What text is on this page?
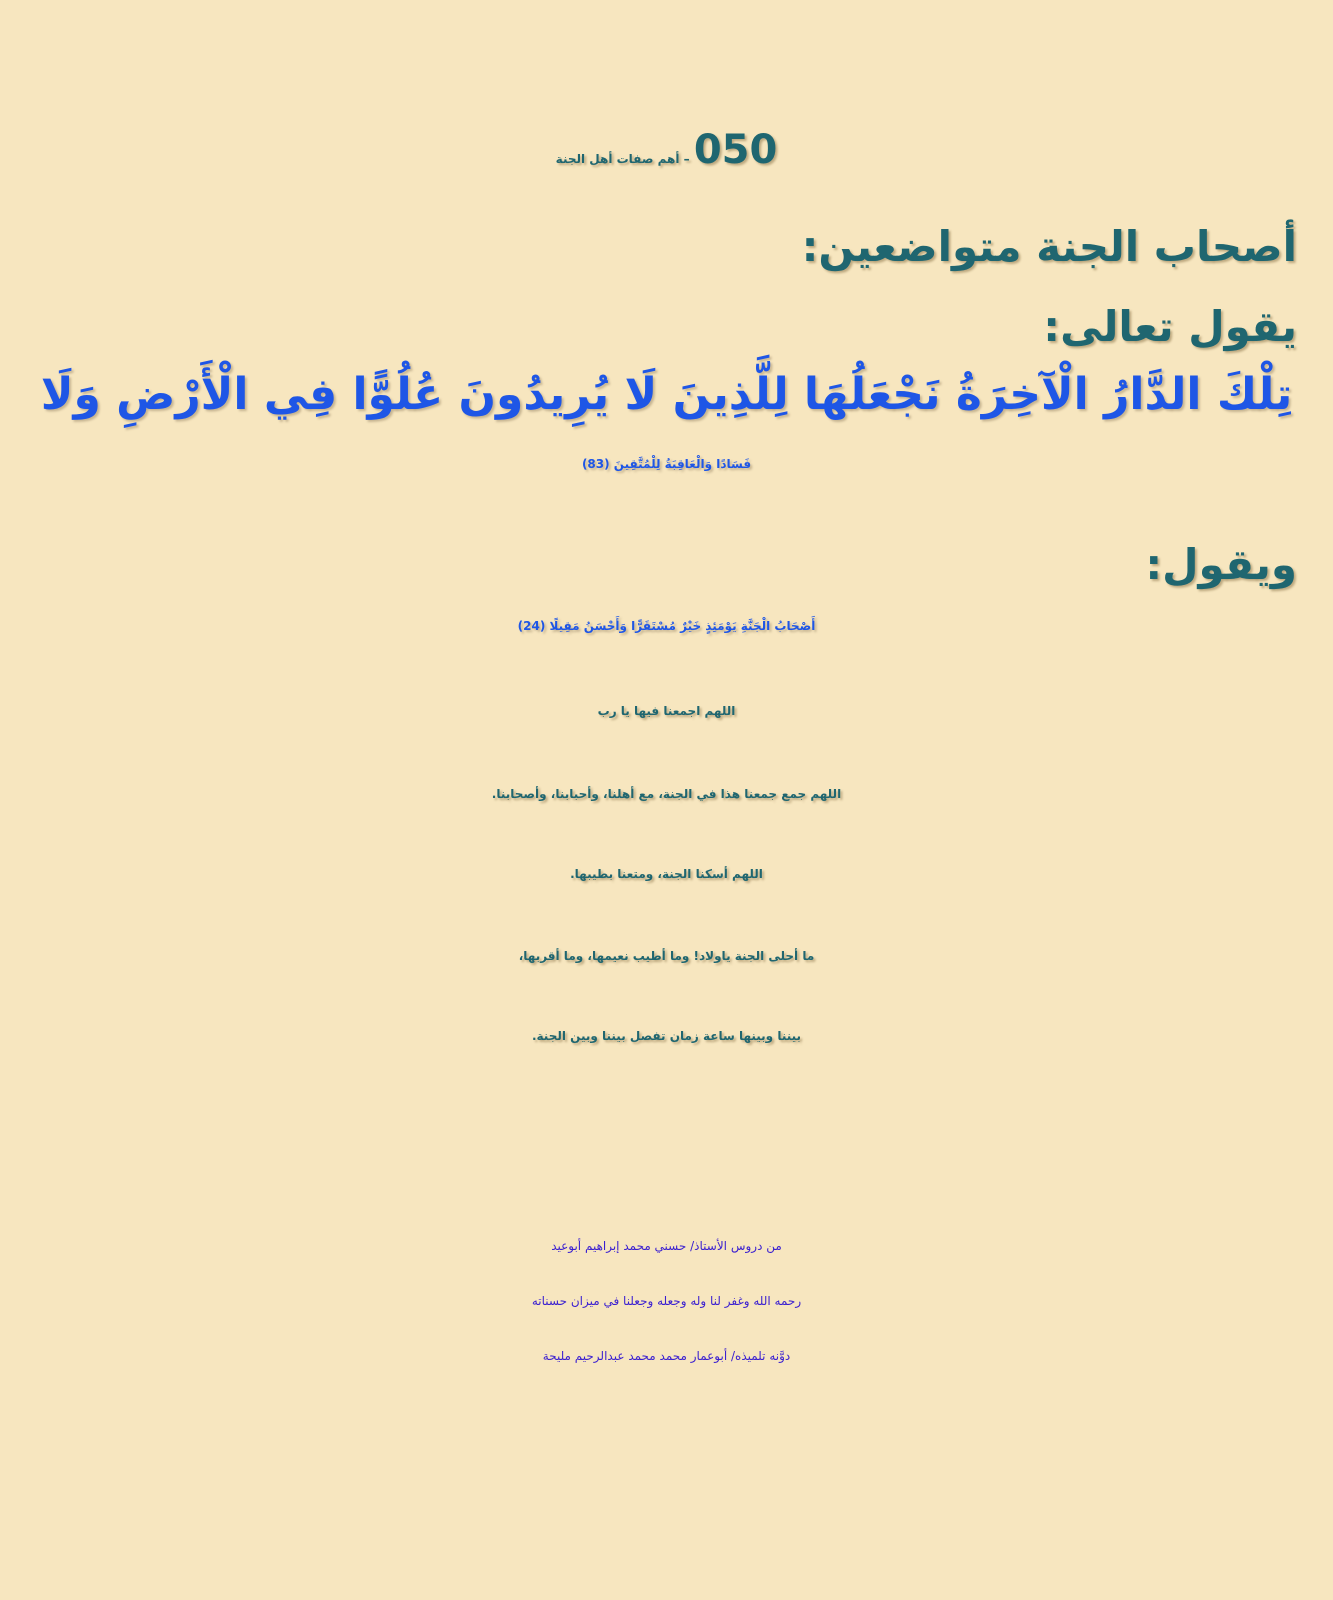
050 – أهم صفات أهل الجنة
أصحاب الجنة متواضعين:
يقول تعالى:
تِلْكَ الدَّارُ الْآخِرَةُ نَجْعَلُهَا لِلَّذِينَ لَا يُرِيدُونَ عُلُوًّا فِي الْأَرْضِ وَلَا
فَسَادًا وَالْعَاقِبَةُ لِلْمُتَّقِينَ (83)
ويقول:
أَصْحَابُ الْجَنَّةِ يَوْمَئِذٍ خَيْرٌ مُسْتَقَرًّا وَأَحْسَنُ مَقِيلًا (24)
اللهم اجمعنا فيها يا رب
اللهم جمع جمعنا هذا في الجنة، مع أهلنا، وأحبابنا، وأصحابنا.
اللهم أسكنا الجنة، ومتعنا بطيبها.
ما أحلى الجنة ياولاد! وما أطيب نعيمها، وما أقربها،
بيننا وبينها ساعة زمان تفصل بيننا وبين الجنة.
من دروس الأستاذ/ حسني محمد إبراهيم أبوعيد
رحمه الله وغفر لنا وله وجعله وجعلنا في ميزان حسناته
دوَّنه تلميذه/ أبوعمار محمد محمد عبدالرحيم مليحة
